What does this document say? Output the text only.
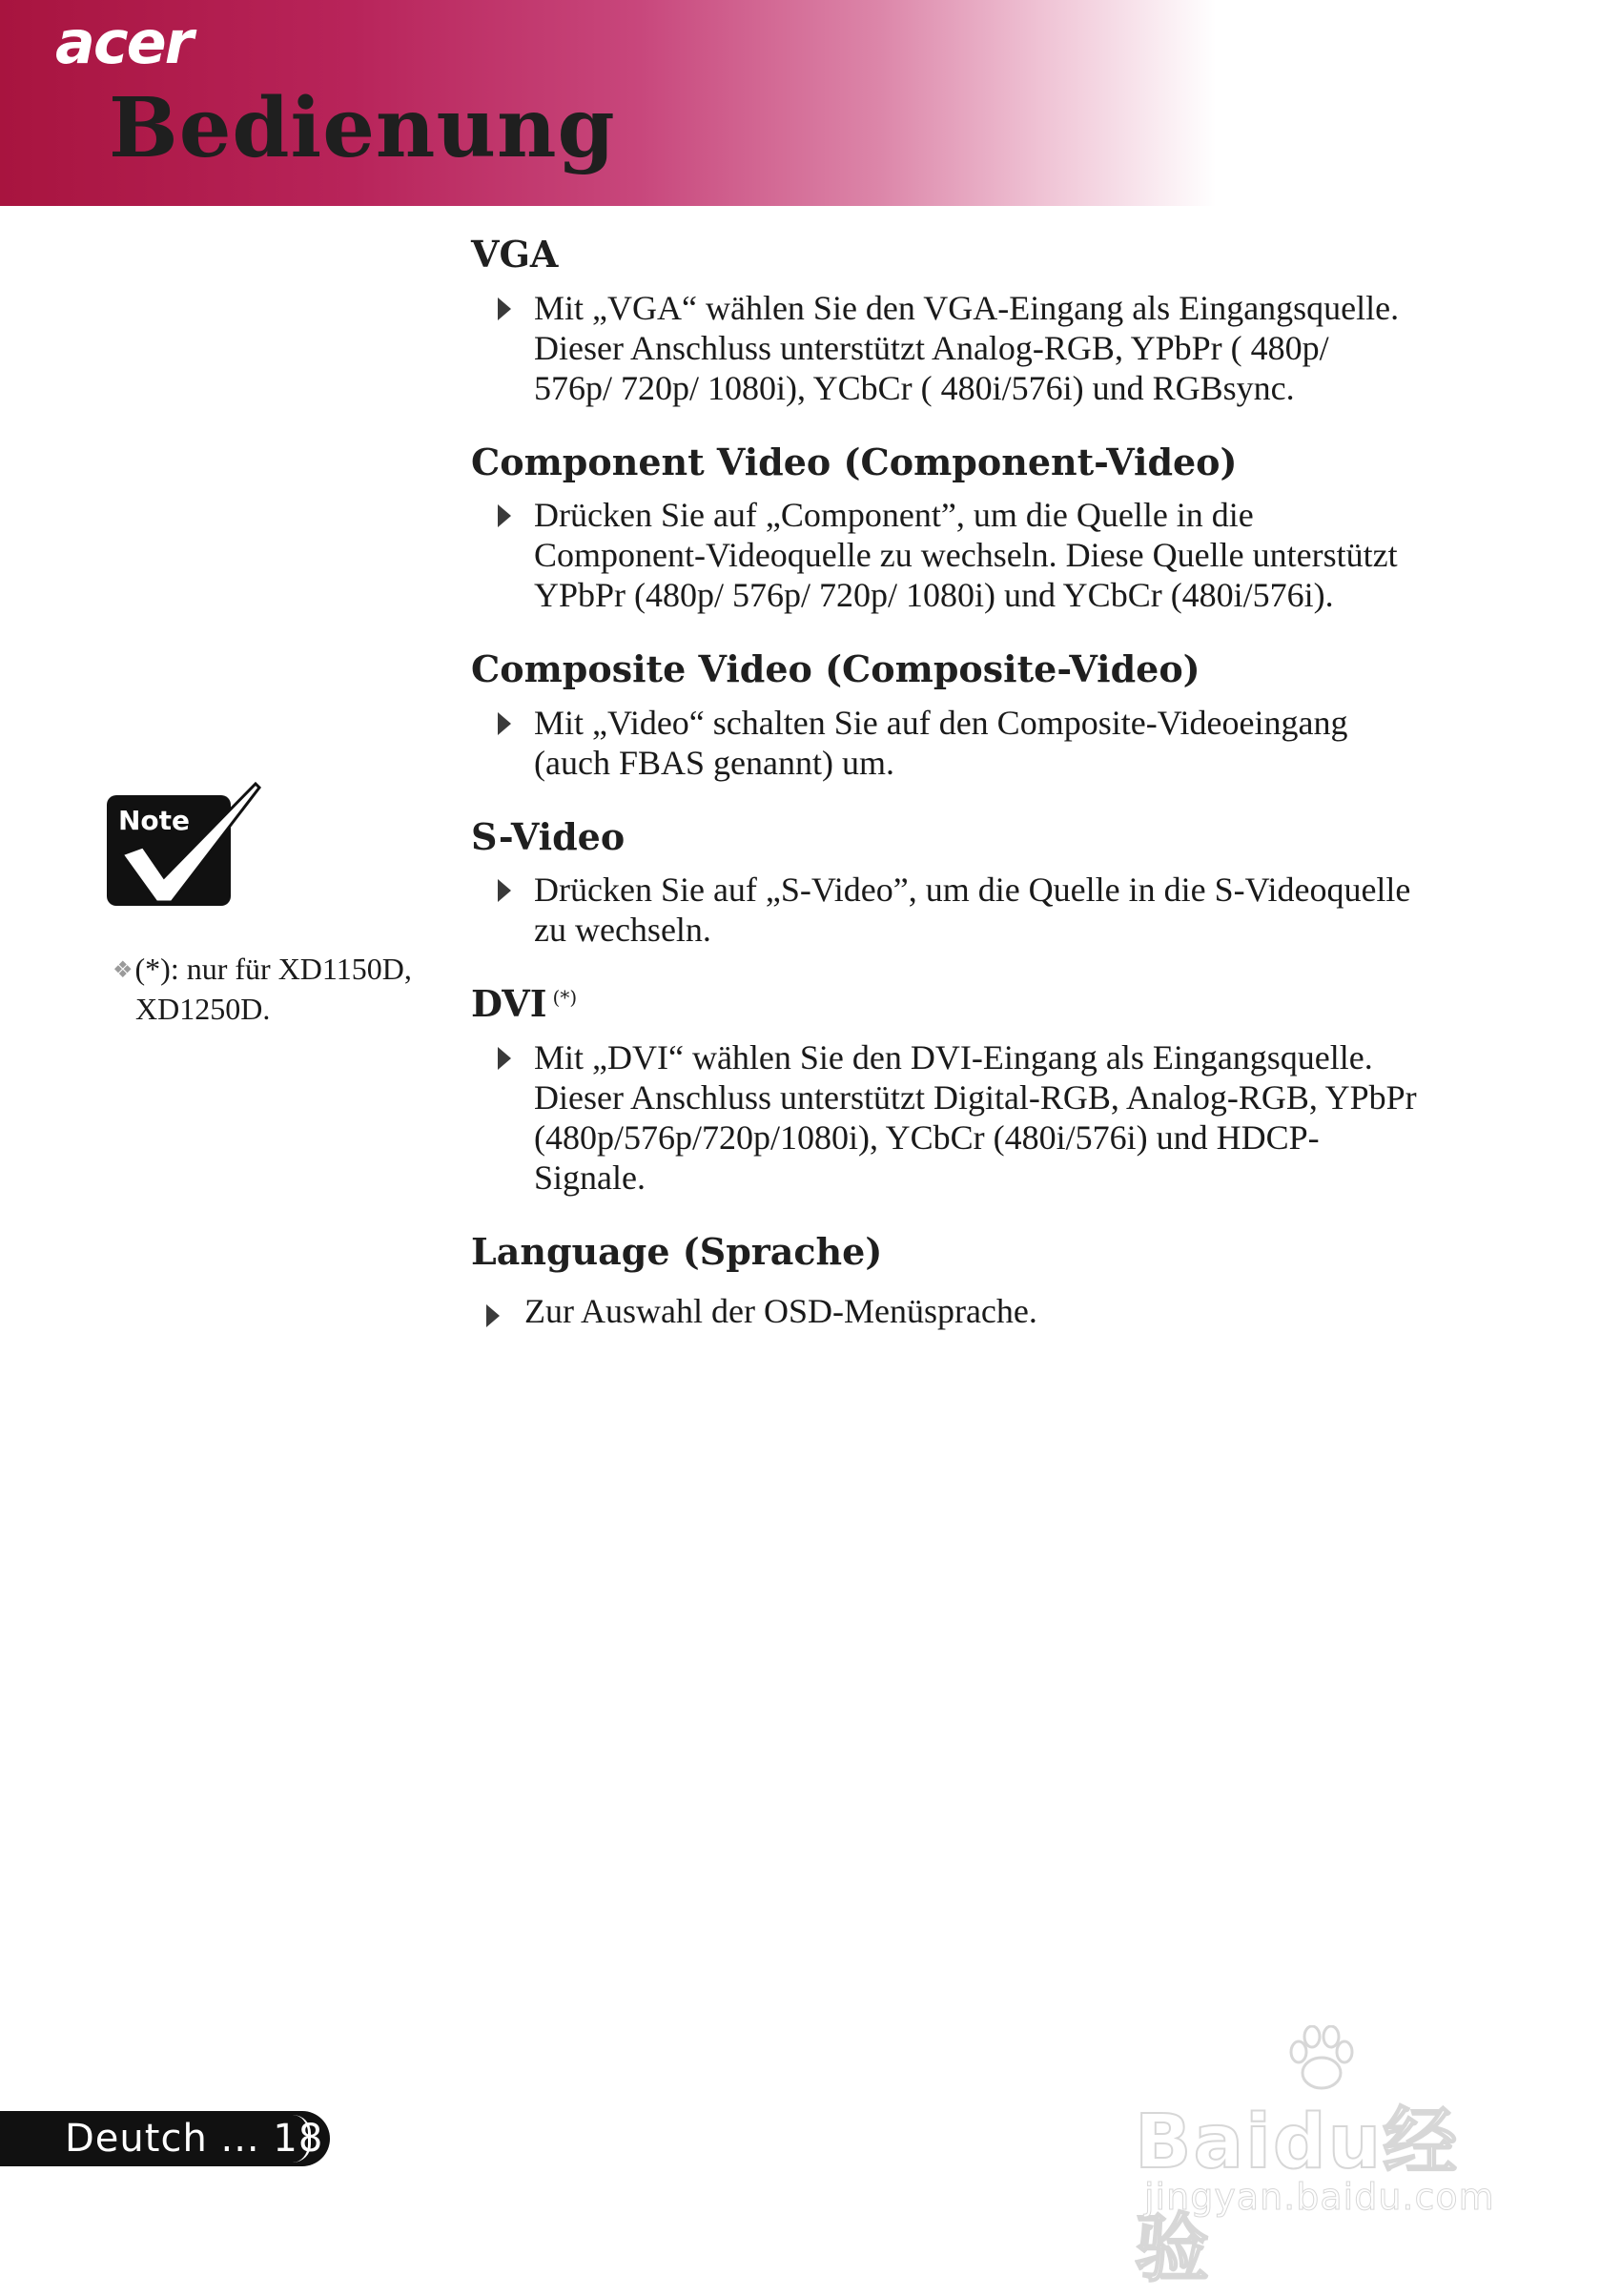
acer
Bedienung
Note
❖(*): nur für XD1150D,
XD1250D.
VGA
Mit „VGA“ wählen Sie den VGA-Eingang als Eingangsquelle.
Dieser Anschluss unterstützt Analog-RGB, YPbPr ( 480p/
576p/ 720p/ 1080i), YCbCr ( 480i/576i) und RGBsync.
Component Video (Component-Video)
Drücken Sie auf „Component”, um die Quelle in die
Component-Videoquelle zu wechseln. Diese Quelle unterstützt
YPbPr (480p/ 576p/ 720p/ 1080i) und YCbCr (480i/576i).
Composite Video (Composite-Video)
Mit „Video“ schalten Sie auf den Composite-Videoeingang
(auch FBAS genannt) um.
S-Video
Drücken Sie auf „S-Video”, um die Quelle in die S-Videoquelle
zu wechseln.
DVI (*)
Mit „DVI“ wählen Sie den DVI-Eingang als Eingangsquelle.
Dieser Anschluss unterstützt Digital-RGB, Analog-RGB, YPbPr
(480p/576p/720p/1080i), YCbCr (480i/576i) und HDCP-
Signale.
Language (Sprache)
Zur Auswahl der OSD-Menüsprache.
Deutch ... 18	Baidu经验
jingyan.baidu.com
